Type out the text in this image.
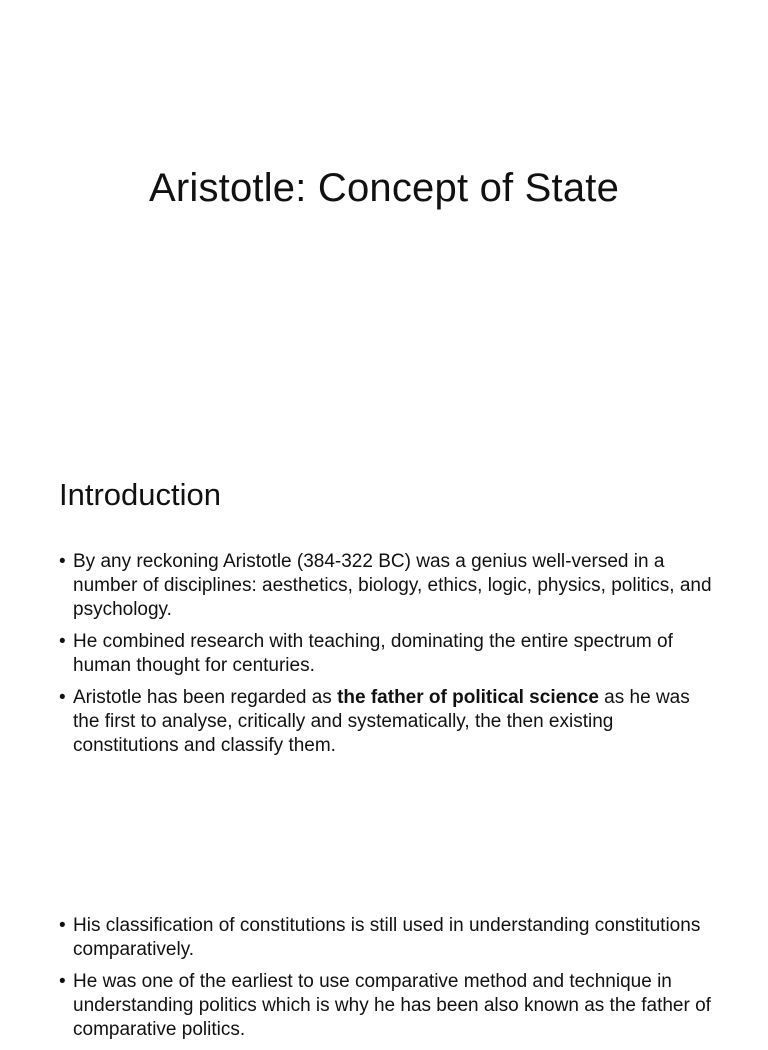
Aristotle: Concept of State
Introduction
• By any reckoning Aristotle (384-322 BC) was a genius well-versed in a number of disciplines: aesthetics, biology, ethics, logic, physics, politics, and psychology.
• He combined research with teaching, dominating the entire spectrum of human thought for centuries.
• Aristotle has been regarded as the father of political science as he was the first to analyse, critically and systematically, the then existing constitutions and classify them.
• His classification of constitutions is still used in understanding constitutions comparatively.
• He was one of the earliest to use comparative method and technique in understanding politics which is why he has been also known as the father of comparative politics.
